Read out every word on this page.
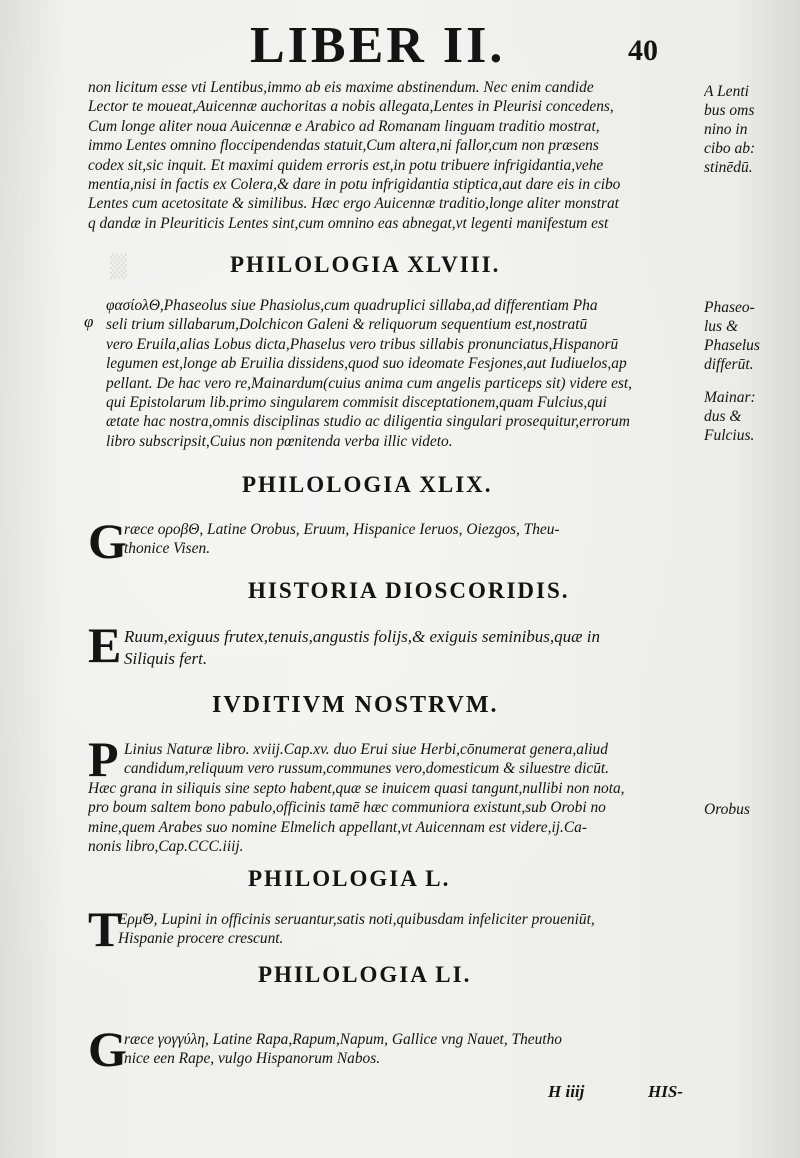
▒
LIBER II.	40
non licitum esse vti Lentibus,immo ab eis maxime abstinendum. Nec enim candide
Lector te moueat,Auicennæ auchoritas a nobis allegata,Lentes in Pleurisi concedens,
Cum longe aliter noua Auicennæ e Arabico ad Romanam linguam traditio mostrat,
immo Lentes omnino floccipendendas statuit,Cum altera,ni fallor,cum non præsens
codex sit,sic inquit. Et maximi quidem erroris est,in potu tribuere infrigidantia,vehe
mentia,nisi in factis ex Colera,& dare in potu infrigidantia stiptica,aut dare eis in cibo
Lentes cum acetositate & similibus. Hæc ergo Auicennæ traditio,longe aliter monstrat
q dandæ in Pleuriticis Lentes sint,cum omnino eas abnegat,vt legenti manifestum est
A Lenti
bus oms
nino in
cibo ab:
stinēdū.
PHILOLOGIA XLVIII.
φ
φασίολΘ,Phaseolus siue Phasiolus,cum quadruplici sillaba,ad differentiam Pha
seli trium sillabarum,Dolchicon Galeni & reliquorum sequentium est,nostratū
vero Eruila,alias Lobus dicta,Phaselus vero tribus sillabis pronunciatus,Hispanorū
legumen est,longe ab Eruilia dissidens,quod suo ideomate Fesjones,aut Iudiuelos,ap
pellant. De hac vero re,Mainardum(cuius anima cum angelis particeps sit) videre est,
qui Epistolarum lib.primo singularem commisit disceptationem,quam Fulcius,qui
ætate hac nostra,omnis disciplinas studio ac diligentia singulari prosequitur,errorum
libro subscripsit,Cuius non pœnitenda verba illic videto.
Phaseo-
lus &
Phaselus
differūt.
Mainar:
dus &
Fulcius.
PHILOLOGIA XLIX.
G
ræce οροβΘ, Latine Orobus, Eruum, Hispanice Ieruos, Oiezgos, Theu-
thonice Visen.
HISTORIA DIOSCORIDIS.
E Ruum,exiguus frutex,tenuis,angustis folijs,& exiguis seminibus,quæ in
Siliquis fert.
IVDITIVM NOSTRVM.
P Linius Naturæ libro. xviij.Cap.xv. duo Erui siue Herbi,cōnumerat genera,aliud
candidum,reliquum vero russum,communes vero,domesticum & siluestre dicūt.
Hæc grana in siliquis sine septo habent,quæ se inuicem quasi tangunt,nullibi non nota,
pro boum saltem bono pabulo,officinis tamē hæc communiora existunt,sub Orobi no
mine,quem Arabes suo nomine Elmelich appellant,vt Auicennam est videre,ij.Ca-
nonis libro,Cap.CCC.iiij.
Orobus
PHILOLOGIA L.
T
Eρμ̃Θ, Lupini in officinis seruantur,satis noti,quibusdam infeliciter proueniūt,
Hispanie procere crescunt.
PHILOLOGIA LI.
G
ræce γογγύλη, Latine Rapa,Rapum,Napum, Gallice vng Nauet, Theutho
nice een Rape, vulgo Hispanorum Nabos.
H iiij	HIS-
